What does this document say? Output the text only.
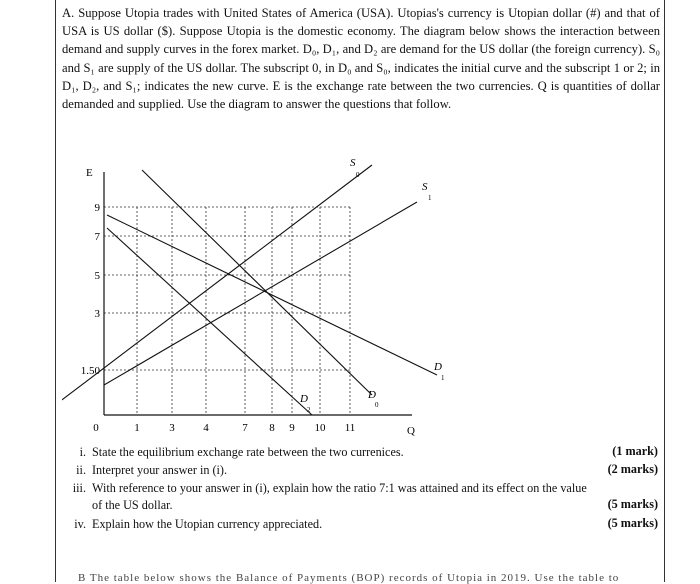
A. Suppose Utopia trades with United States of America (USA). Utopias's currency is Utopian dollar (#) and that of USA is US dollar ($). Suppose Utopia is the domestic economy. The diagram below shows the interaction between demand and supply curves in the forex market. D₀, D₁, and D₂ are demand for the US dollar (the foreign currency). S₀ and S₁ are supply of the US dollar. The subscript 0, in D₀ and S₀, indicates the initial curve and the subscript 1 or 2; in D₁, D₂, and S₁; indicates the new curve. E is the exchange rate between the two currencies. Q is quantities of dollar demanded and supplied. Use the diagram to answer the questions that follow.

E
Q
9
7
5
3
1.50
0	1	3	4	7 8 9 10 11
S
0
S
1
D
0
D
1
D
2
i. State the equilibrium exchange rate between the two currenices.	(1 mark)
ii. Interpret your answer in (i).	(2 marks)
iii. With reference to your answer in (i), explain how the ratio 7:1 was attained and its effect on the value
of the US dollar.	(5 marks)
iv. Explain how the Utopian currency appreciated.	(5 marks)
B The table below shows the Balance of Payments (BOP) records of Utopia in 2019. Use the table to
